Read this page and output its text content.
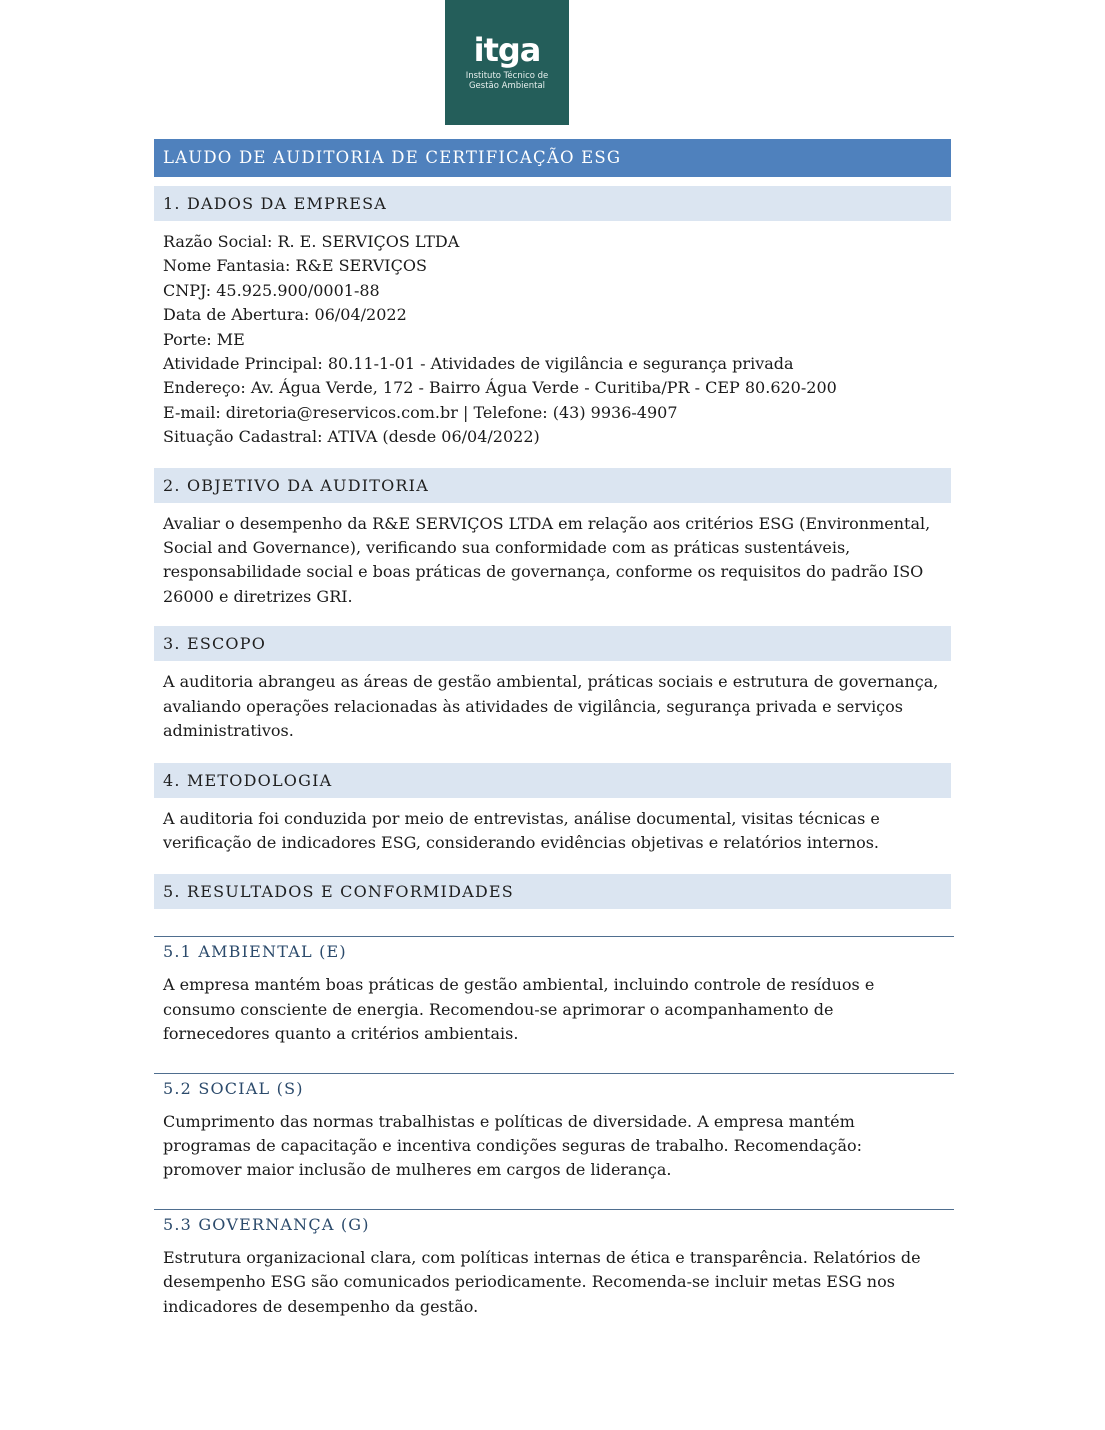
itga
Instituto Técnico de
Gestão Ambiental
LAUDO DE AUDITORIA DE CERTIFICAÇÃO ESG
1. DADOS DA EMPRESA
Razão Social: R. E. SERVIÇOS LTDA
Nome Fantasia: R&E SERVIÇOS
CNPJ: 45.925.900/0001-88
Data de Abertura: 06/04/2022
Porte: ME
Atividade Principal: 80.11-1-01 - Atividades de vigilância e segurança privada
Endereço: Av. Água Verde, 172 - Bairro Água Verde - Curitiba/PR - CEP 80.620-200
E-mail: diretoria@reservicos.com.br | Telefone: (43) 9936-4907
Situação Cadastral: ATIVA (desde 06/04/2022)
2. OBJETIVO DA AUDITORIA
Avaliar o desempenho da R&E SERVIÇOS LTDA em relação aos critérios ESG (Environmental, Social and Governance), verificando sua conformidade com as práticas sustentáveis, responsabilidade social e boas práticas de governança, conforme os requisitos do padrão ISO 26000 e diretrizes GRI.
3. ESCOPO
A auditoria abrangeu as áreas de gestão ambiental, práticas sociais e estrutura de governança, avaliando operações relacionadas às atividades de vigilância, segurança privada e serviços administrativos.
4. METODOLOGIA
A auditoria foi conduzida por meio de entrevistas, análise documental, visitas técnicas e verificação de indicadores ESG, considerando evidências objetivas e relatórios internos.
5. RESULTADOS E CONFORMIDADES
5.1 AMBIENTAL (E)
A empresa mantém boas práticas de gestão ambiental, incluindo controle de resíduos e consumo consciente de energia. Recomendou-se aprimorar o acompanhamento de fornecedores quanto a critérios ambientais.
5.2 SOCIAL (S)
Cumprimento das normas trabalhistas e políticas de diversidade. A empresa mantém programas de capacitação e incentiva condições seguras de trabalho. Recomendação: promover maior inclusão de mulheres em cargos de liderança.
5.3 GOVERNANÇA (G)
Estrutura organizacional clara, com políticas internas de ética e transparência. Relatórios de desempenho ESG são comunicados periodicamente. Recomenda-se incluir metas ESG nos indicadores de desempenho da gestão.
